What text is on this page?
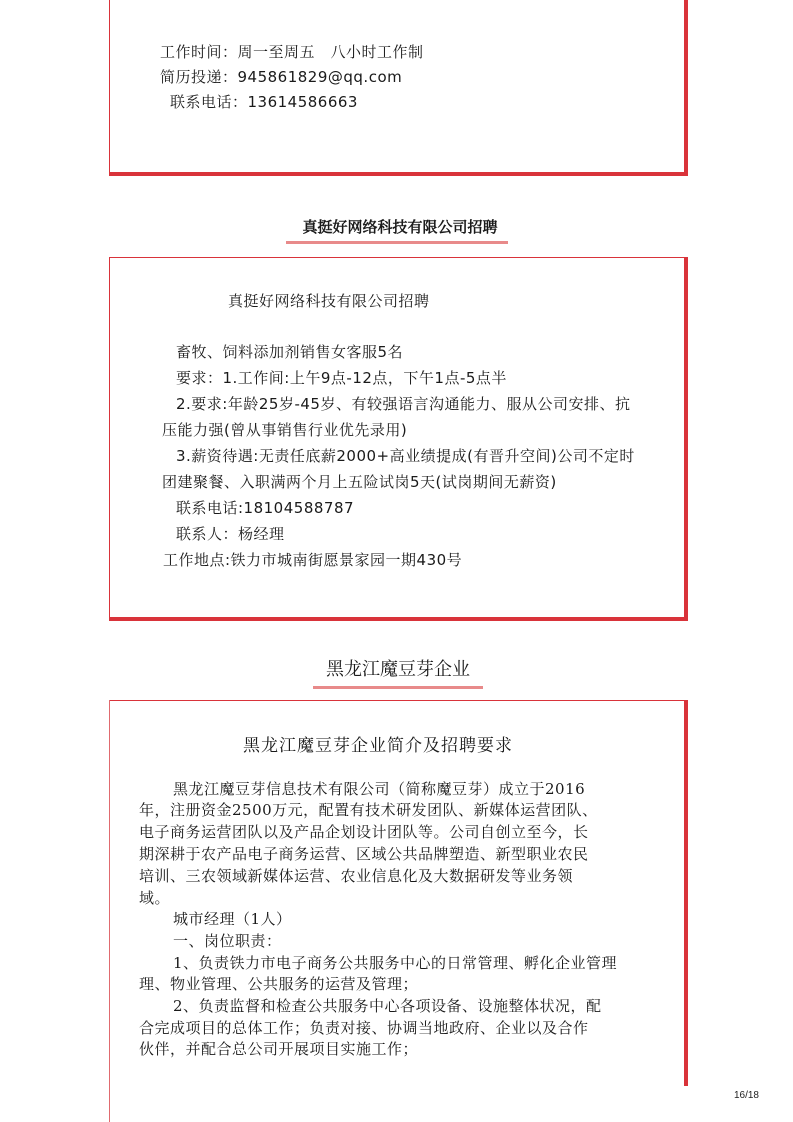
工作时间：周一至周五　八小时工作制
简历投递：945861829@qq.com
联系电话：13614586663
真挺好网络科技有限公司招聘
真挺好网络科技有限公司招聘
畜牧、饲料添加剂销售女客服5名
要求：1.工作间:上午9点-12点，下午1点-5点半
2.要求:年龄25岁-45岁、有较强语言沟通能力、服从公司安排、抗
压能力强(曾从事销售行业优先录用)
3.薪资待遇:无责任底薪2000+高业绩提成(有晋升空间)公司不定时
团建聚餐、入职满两个月上五险试岗5天(试岗期间无薪资)
联系电话:18104588787
联系人：杨经理
工作地点:铁力市城南街愿景家园一期430号
黑龙江魔豆芽企业
黑龙江魔豆芽企业简介及招聘要求
黑龙江魔豆芽信息技术有限公司（简称魔豆芽）成立于2016
年，注册资金2500万元，配置有技术研发团队、新媒体运营团队、
电子商务运营团队以及产品企划设计团队等。公司自创立至今，长
期深耕于农产品电子商务运营、区域公共品牌塑造、新型职业农民
培训、三农领域新媒体运营、农业信息化及大数据研发等业务领
域。
城市经理（1人）
一、岗位职责：
1、负责铁力市电子商务公共服务中心的日常管理、孵化企业管理
理、物业管理、公共服务的运营及管理；
2、负责监督和检查公共服务中心各项设备、设施整体状况，配
合完成项目的总体工作；负责对接、协调当地政府、企业以及合作
伙伴，并配合总公司开展项目实施工作；
16/18
